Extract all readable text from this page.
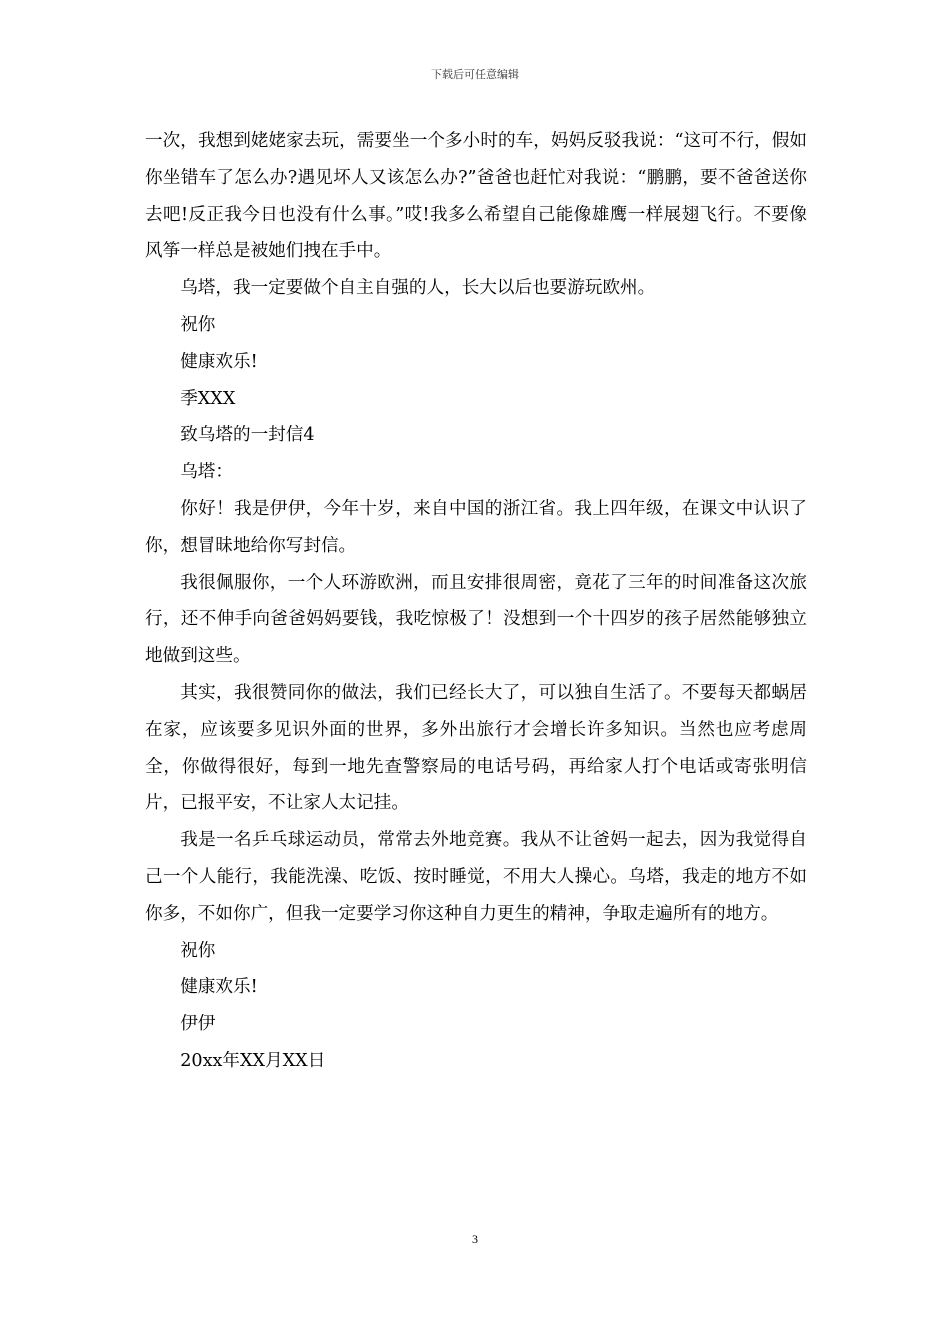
下载后可任意编辑

一次，我想到姥姥家去玩，需要坐一个多小时的车，妈妈反驳我说：“这可不行，假如你坐错车了怎么办?遇见坏人又该怎么办?”爸爸也赶忙对我说：“鹏鹏，要不爸爸送你去吧!反正我今日也没有什么事。”哎!我多么希望自己能像雄鹰一样展翅飞行。不要像风筝一样总是被她们拽在手中。

乌塔，我一定要做个自主自强的人，长大以后也要游玩欧州。

祝你

健康欢乐!

季XXX

致乌塔的一封信4

乌塔：

你好！我是伊伊，今年十岁，来自中国的浙江省。我上四年级，在课文中认识了你，想冒昧地给你写封信。

我很佩服你，一个人环游欧洲，而且安排很周密，竟花了三年的时间准备这次旅行，还不伸手向爸爸妈妈要钱，我吃惊极了！没想到一个十四岁的孩子居然能够独立地做到这些。

其实，我很赞同你的做法，我们已经长大了，可以独自生活了。不要每天都蜗居在家，应该要多见识外面的世界，多外出旅行才会增长许多知识。当然也应考虑周全，你做得很好，每到一地先查警察局的电话号码，再给家人打个电话或寄张明信片，已报平安，不让家人太记挂。

我是一名乒乓球运动员，常常去外地竞赛。我从不让爸妈一起去，因为我觉得自己一个人能行，我能洗澡、吃饭、按时睡觉，不用大人操心。乌塔，我走的地方不如你多，不如你广，但我一定要学习你这种自力更生的精神，争取走遍所有的地方。

祝你

健康欢乐!

伊伊

20xx年XX月XX日

3
